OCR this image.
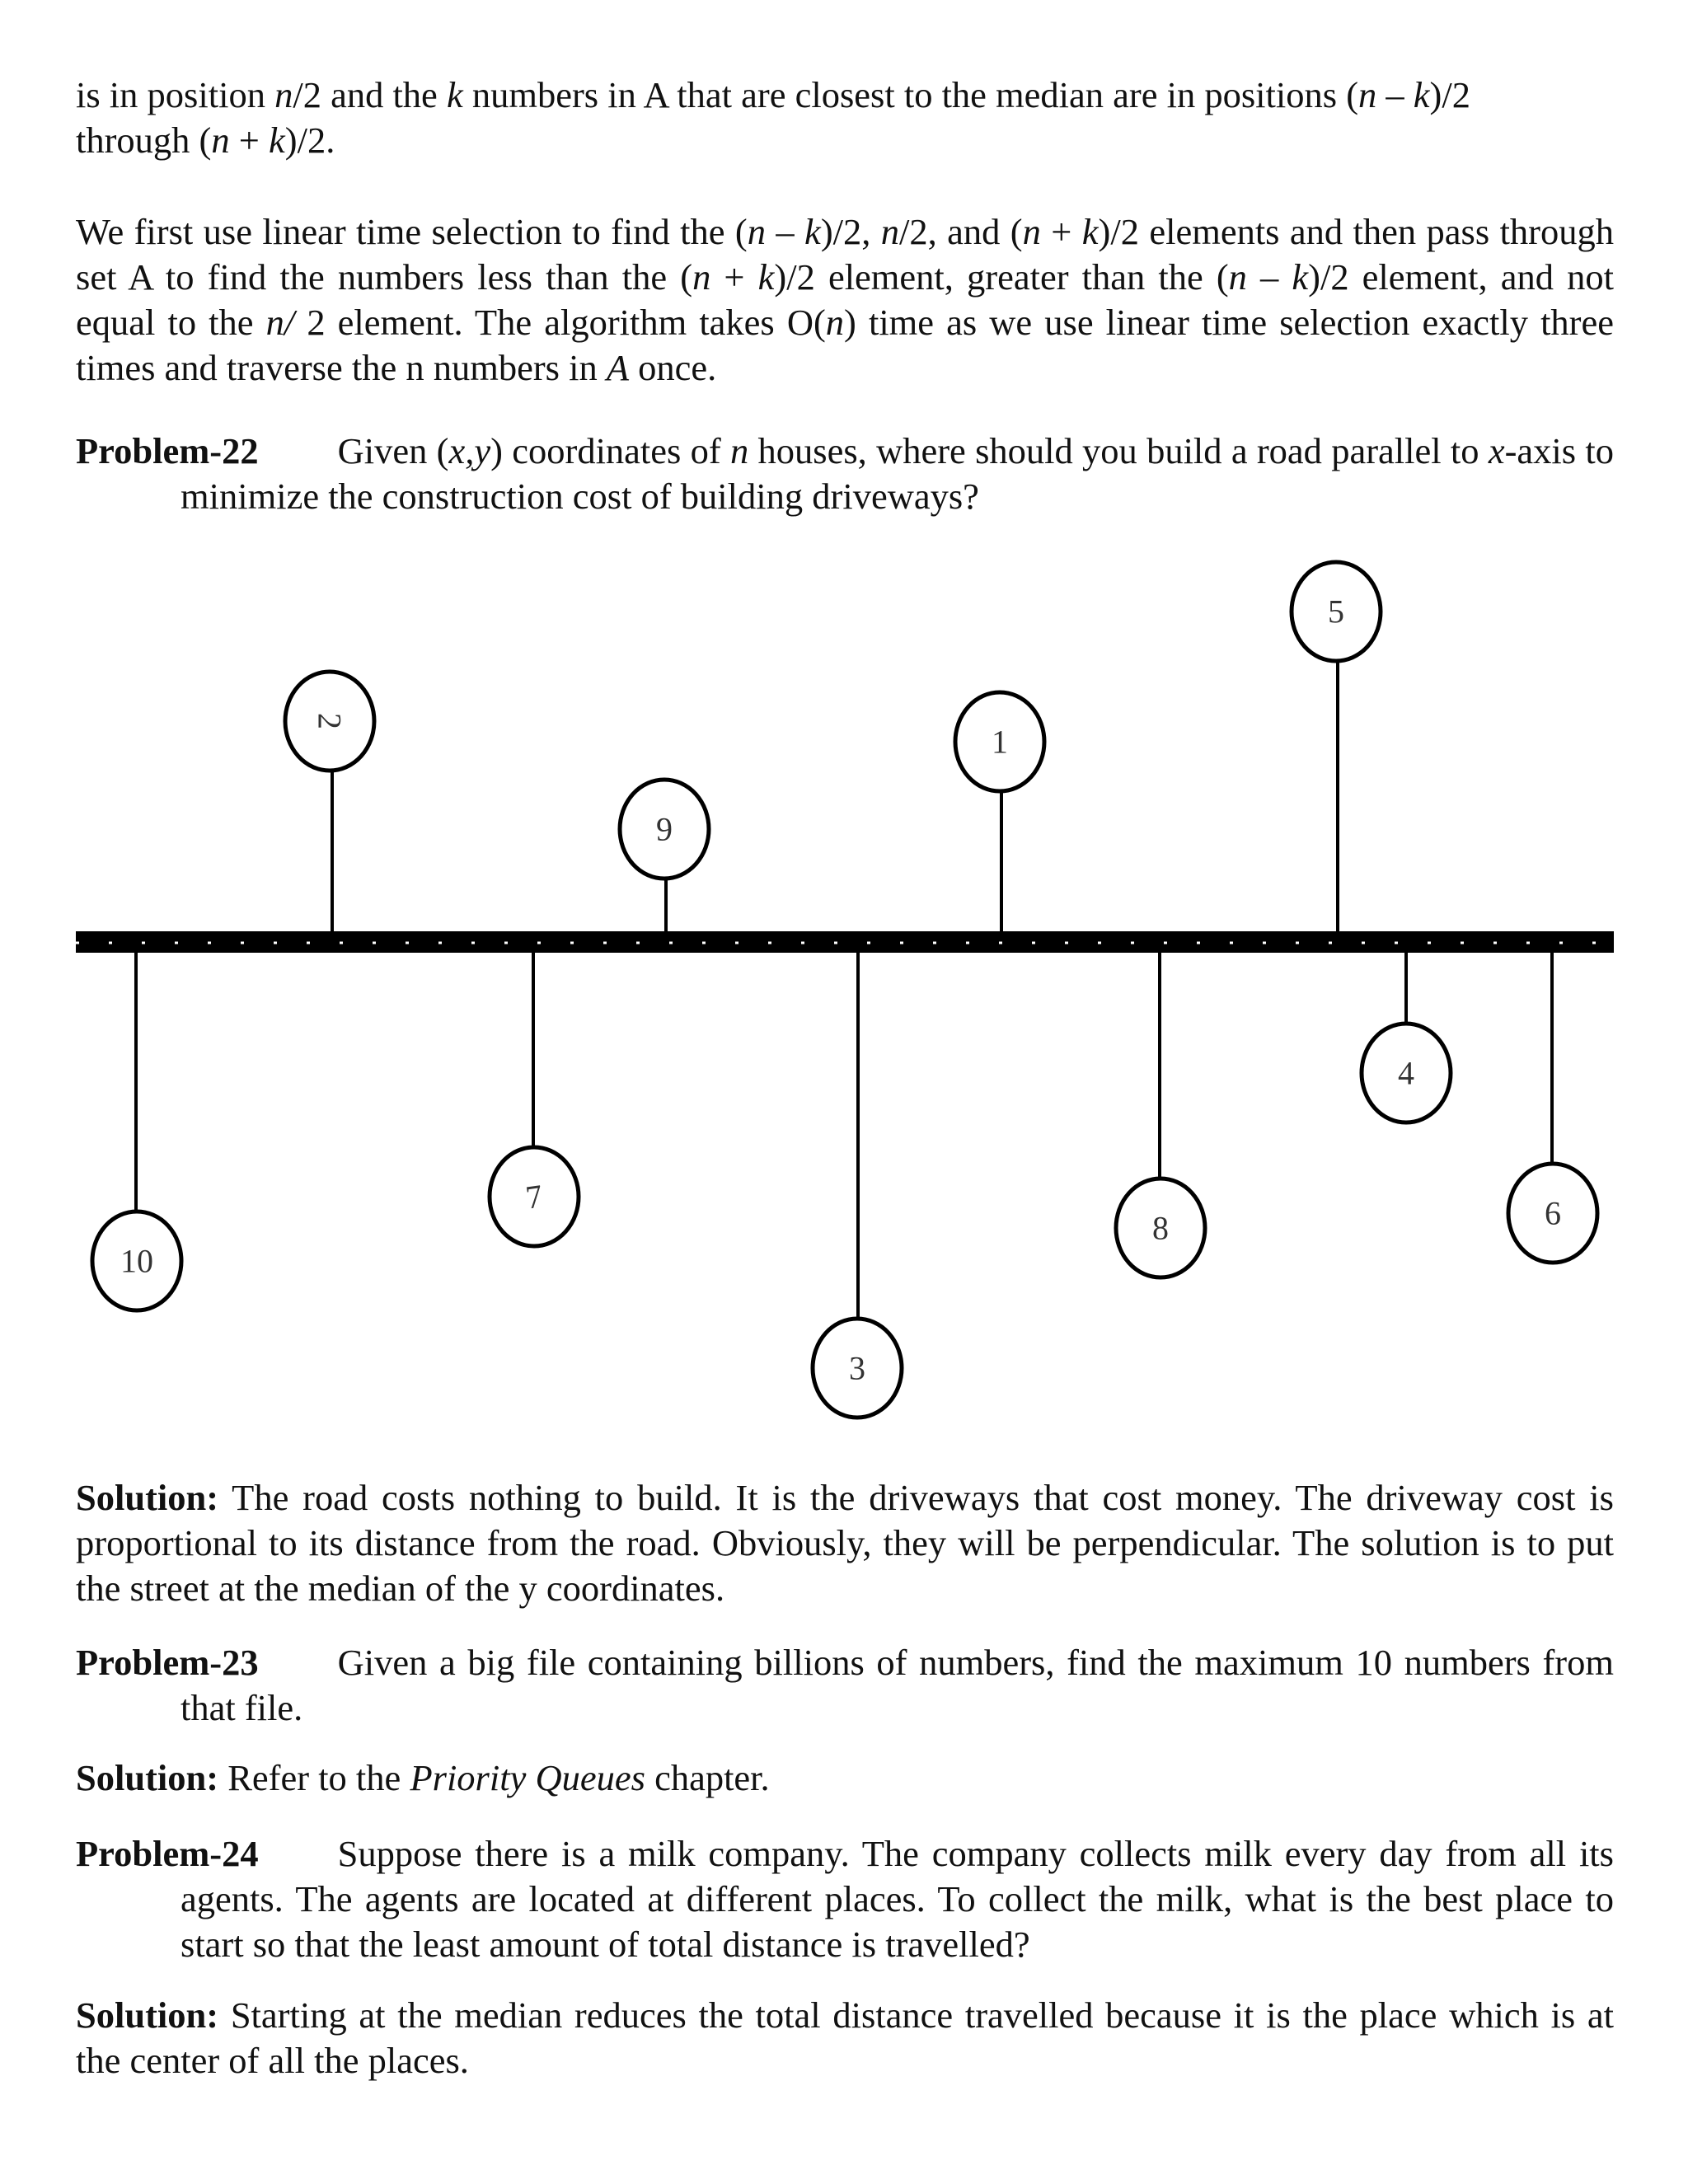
is in position n/2 and the k numbers in A that are closest to the median are in positions (n – k)/2
through (n + k)/2.

We first use linear time selection to find the (n – k)/2, n/2, and (n + k)/2 elements and then pass through set A to find the numbers less than the (n + k)/2 element, greater than the (n – k)/2 element, and not equal to the n/ 2 element. The algorithm takes O(n) time as we use linear time selection exactly three times and traverse the n numbers in A once.

Problem-22 Given (x,y) coordinates of n houses, where should you build a road parallel to x-axis to minimize the construction cost of building driveways?

2
9
1
5
10
7
3
8
4
6

Solution: The road costs nothing to build. It is the driveways that cost money. The driveway cost is proportional to its distance from the road. Obviously, they will be perpendicular. The solution is to put the street at the median of the y coordinates.

Problem-23 Given a big file containing billions of numbers, find the maximum 10 numbers from that file.

Solution: Refer to the Priority Queues chapter.

Problem-24 Suppose there is a milk company. The company collects milk every day from all its agents. The agents are located at different places. To collect the milk, what is the best place to start so that the least amount of total distance is travelled?

Solution: Starting at the median reduces the total distance travelled because it is the place which is at the center of all the places.
